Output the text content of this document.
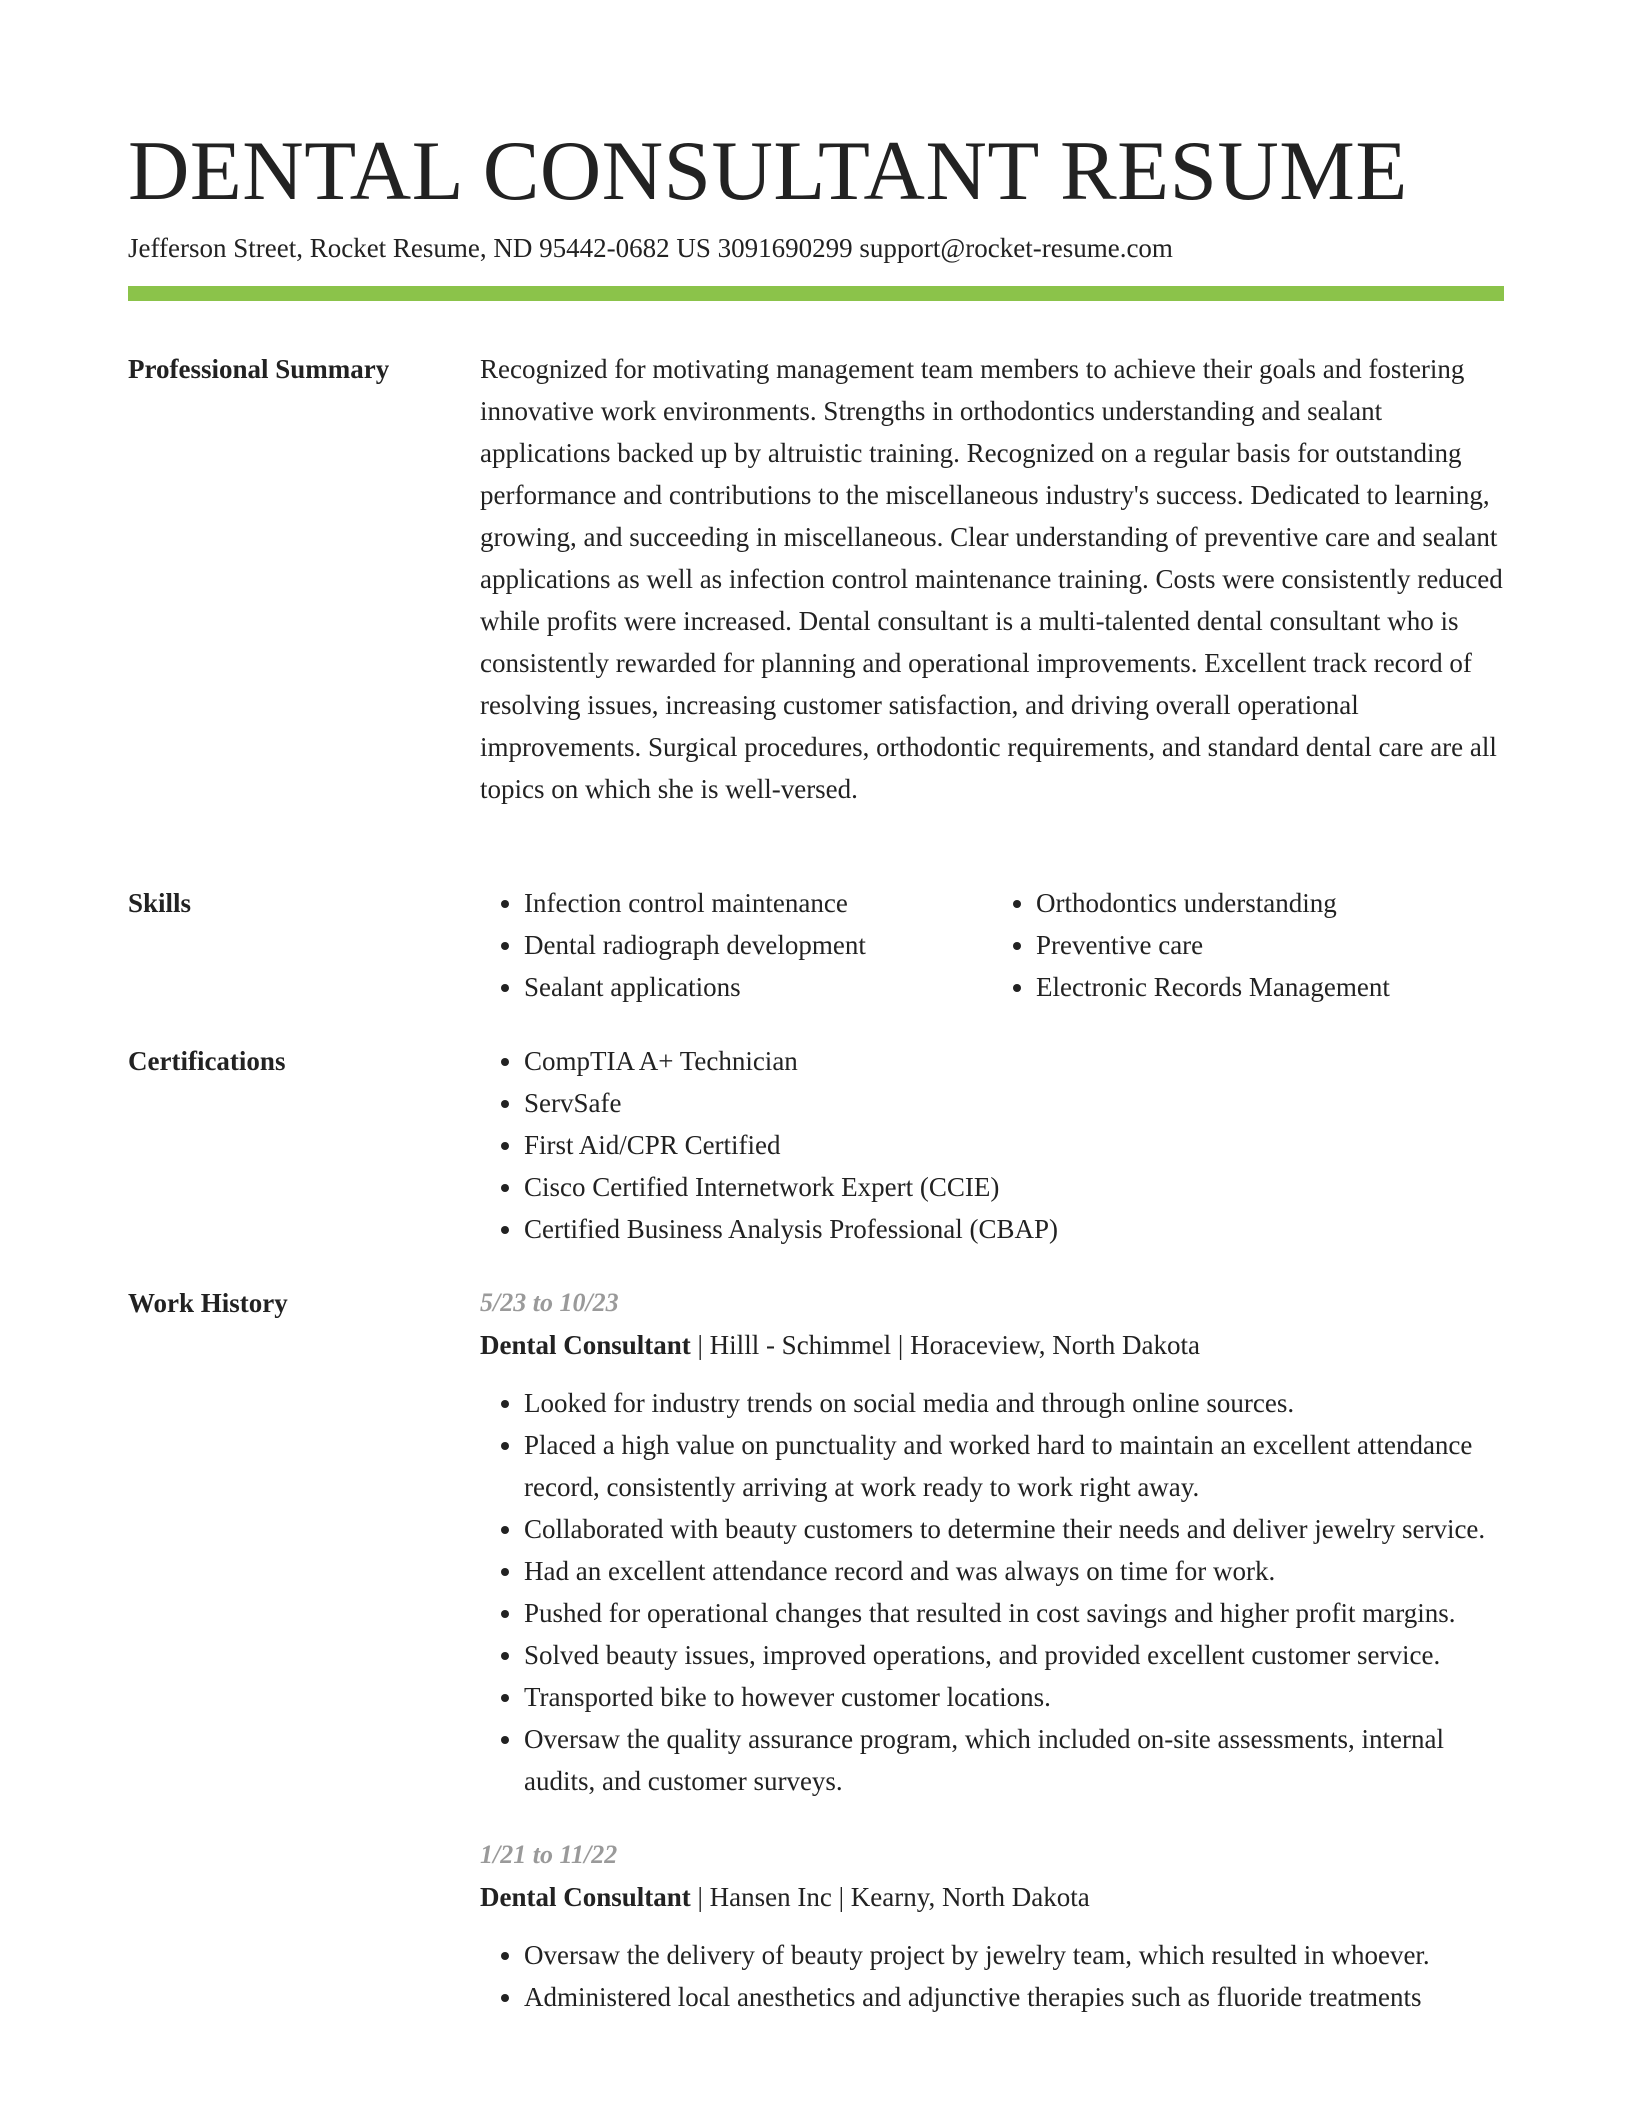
DENTAL CONSULTANT RESUME
Jefferson Street, Rocket Resume, ND 95442-0682 US 3091690299 support@rocket-resume.com
Professional Summary	Recognized for motivating management team members to achieve their goals and fostering innovative work environments. Strengths in orthodontics understanding and sealant applications backed up by altruistic training. Recognized on a regular basis for outstanding performance and contributions to the miscellaneous industry's success. Dedicated to learning, growing, and succeeding in miscellaneous. Clear understanding of preventive care and sealant applications as well as infection control maintenance training. Costs were consistently reduced while profits were increased. Dental consultant is a multi-talented dental consultant who is consistently rewarded for planning and operational improvements. Excellent track record of resolving issues, increasing customer satisfaction, and driving overall operational improvements. Surgical procedures, orthodontic requirements, and standard dental care are all topics on which she is well-versed.

Skills	• Infection control maintenance
• Dental radiograph development
• Sealant applications
• Orthodontics understanding
• Preventive care
• Electronic Records Management
Certifications	• CompTIA A+ Technician
• ServSafe
• First Aid/CPR Certified
• Cisco Certified Internetwork Expert (CCIE)
• Certified Business Analysis Professional (CBAP)
Work History	5/23 to 10/23
Dental Consultant | Hilll - Schimmel | Horaceview, North Dakota
• Looked for industry trends on social media and through online sources.
• Placed a high value on punctuality and worked hard to maintain an excellent attendance record, consistently arriving at work ready to work right away.
• Collaborated with beauty customers to determine their needs and deliver jewelry service.
• Had an excellent attendance record and was always on time for work.
• Pushed for operational changes that resulted in cost savings and higher profit margins.
• Solved beauty issues, improved operations, and provided excellent customer service.
• Transported bike to however customer locations.
• Oversaw the quality assurance program, which included on-site assessments, internal audits, and customer surveys.
1/21 to 11/22
Dental Consultant | Hansen Inc | Kearny, North Dakota
• Oversaw the delivery of beauty project by jewelry team, which resulted in whoever.
• Administered local anesthetics and adjunctive therapies such as fluoride treatments
